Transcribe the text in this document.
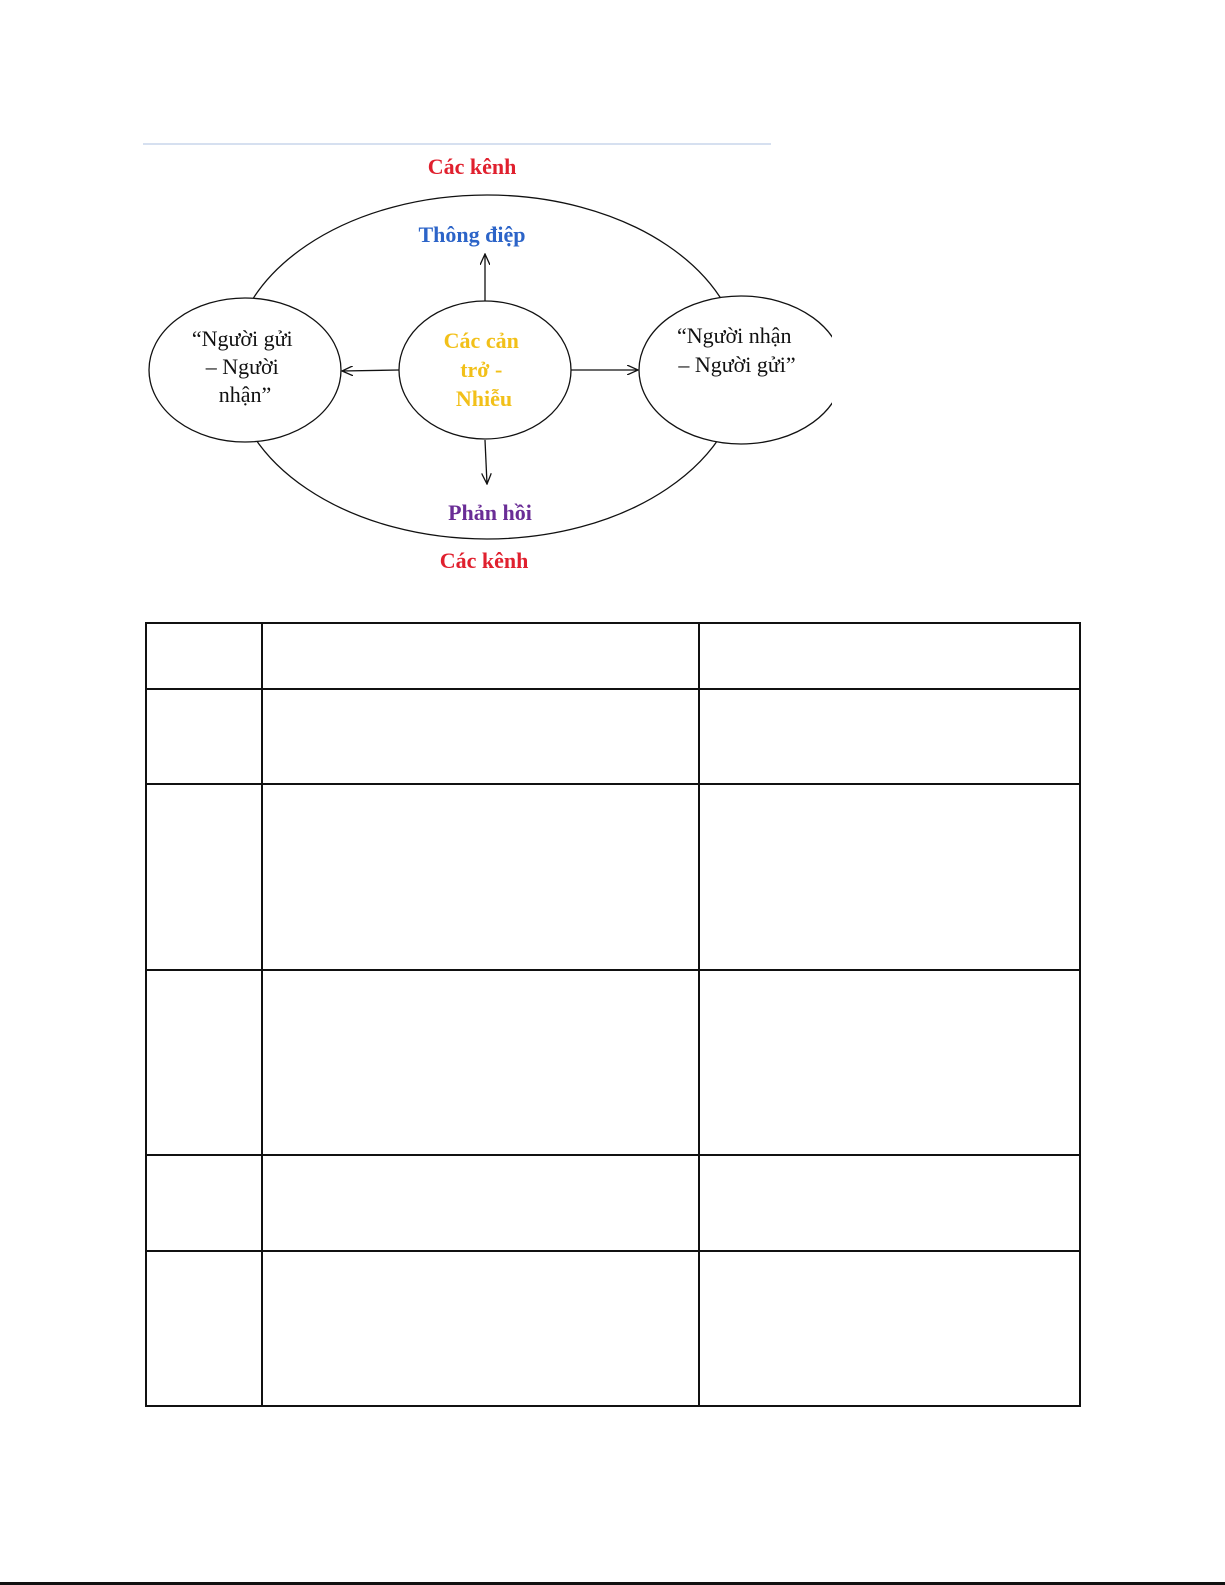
Các kênh
Thông điệp
Các cản trở - Nhiễu
“Người gửi – Người nhận”
“Người nhận – Người gửi”
Phản hồi
Các kênh
